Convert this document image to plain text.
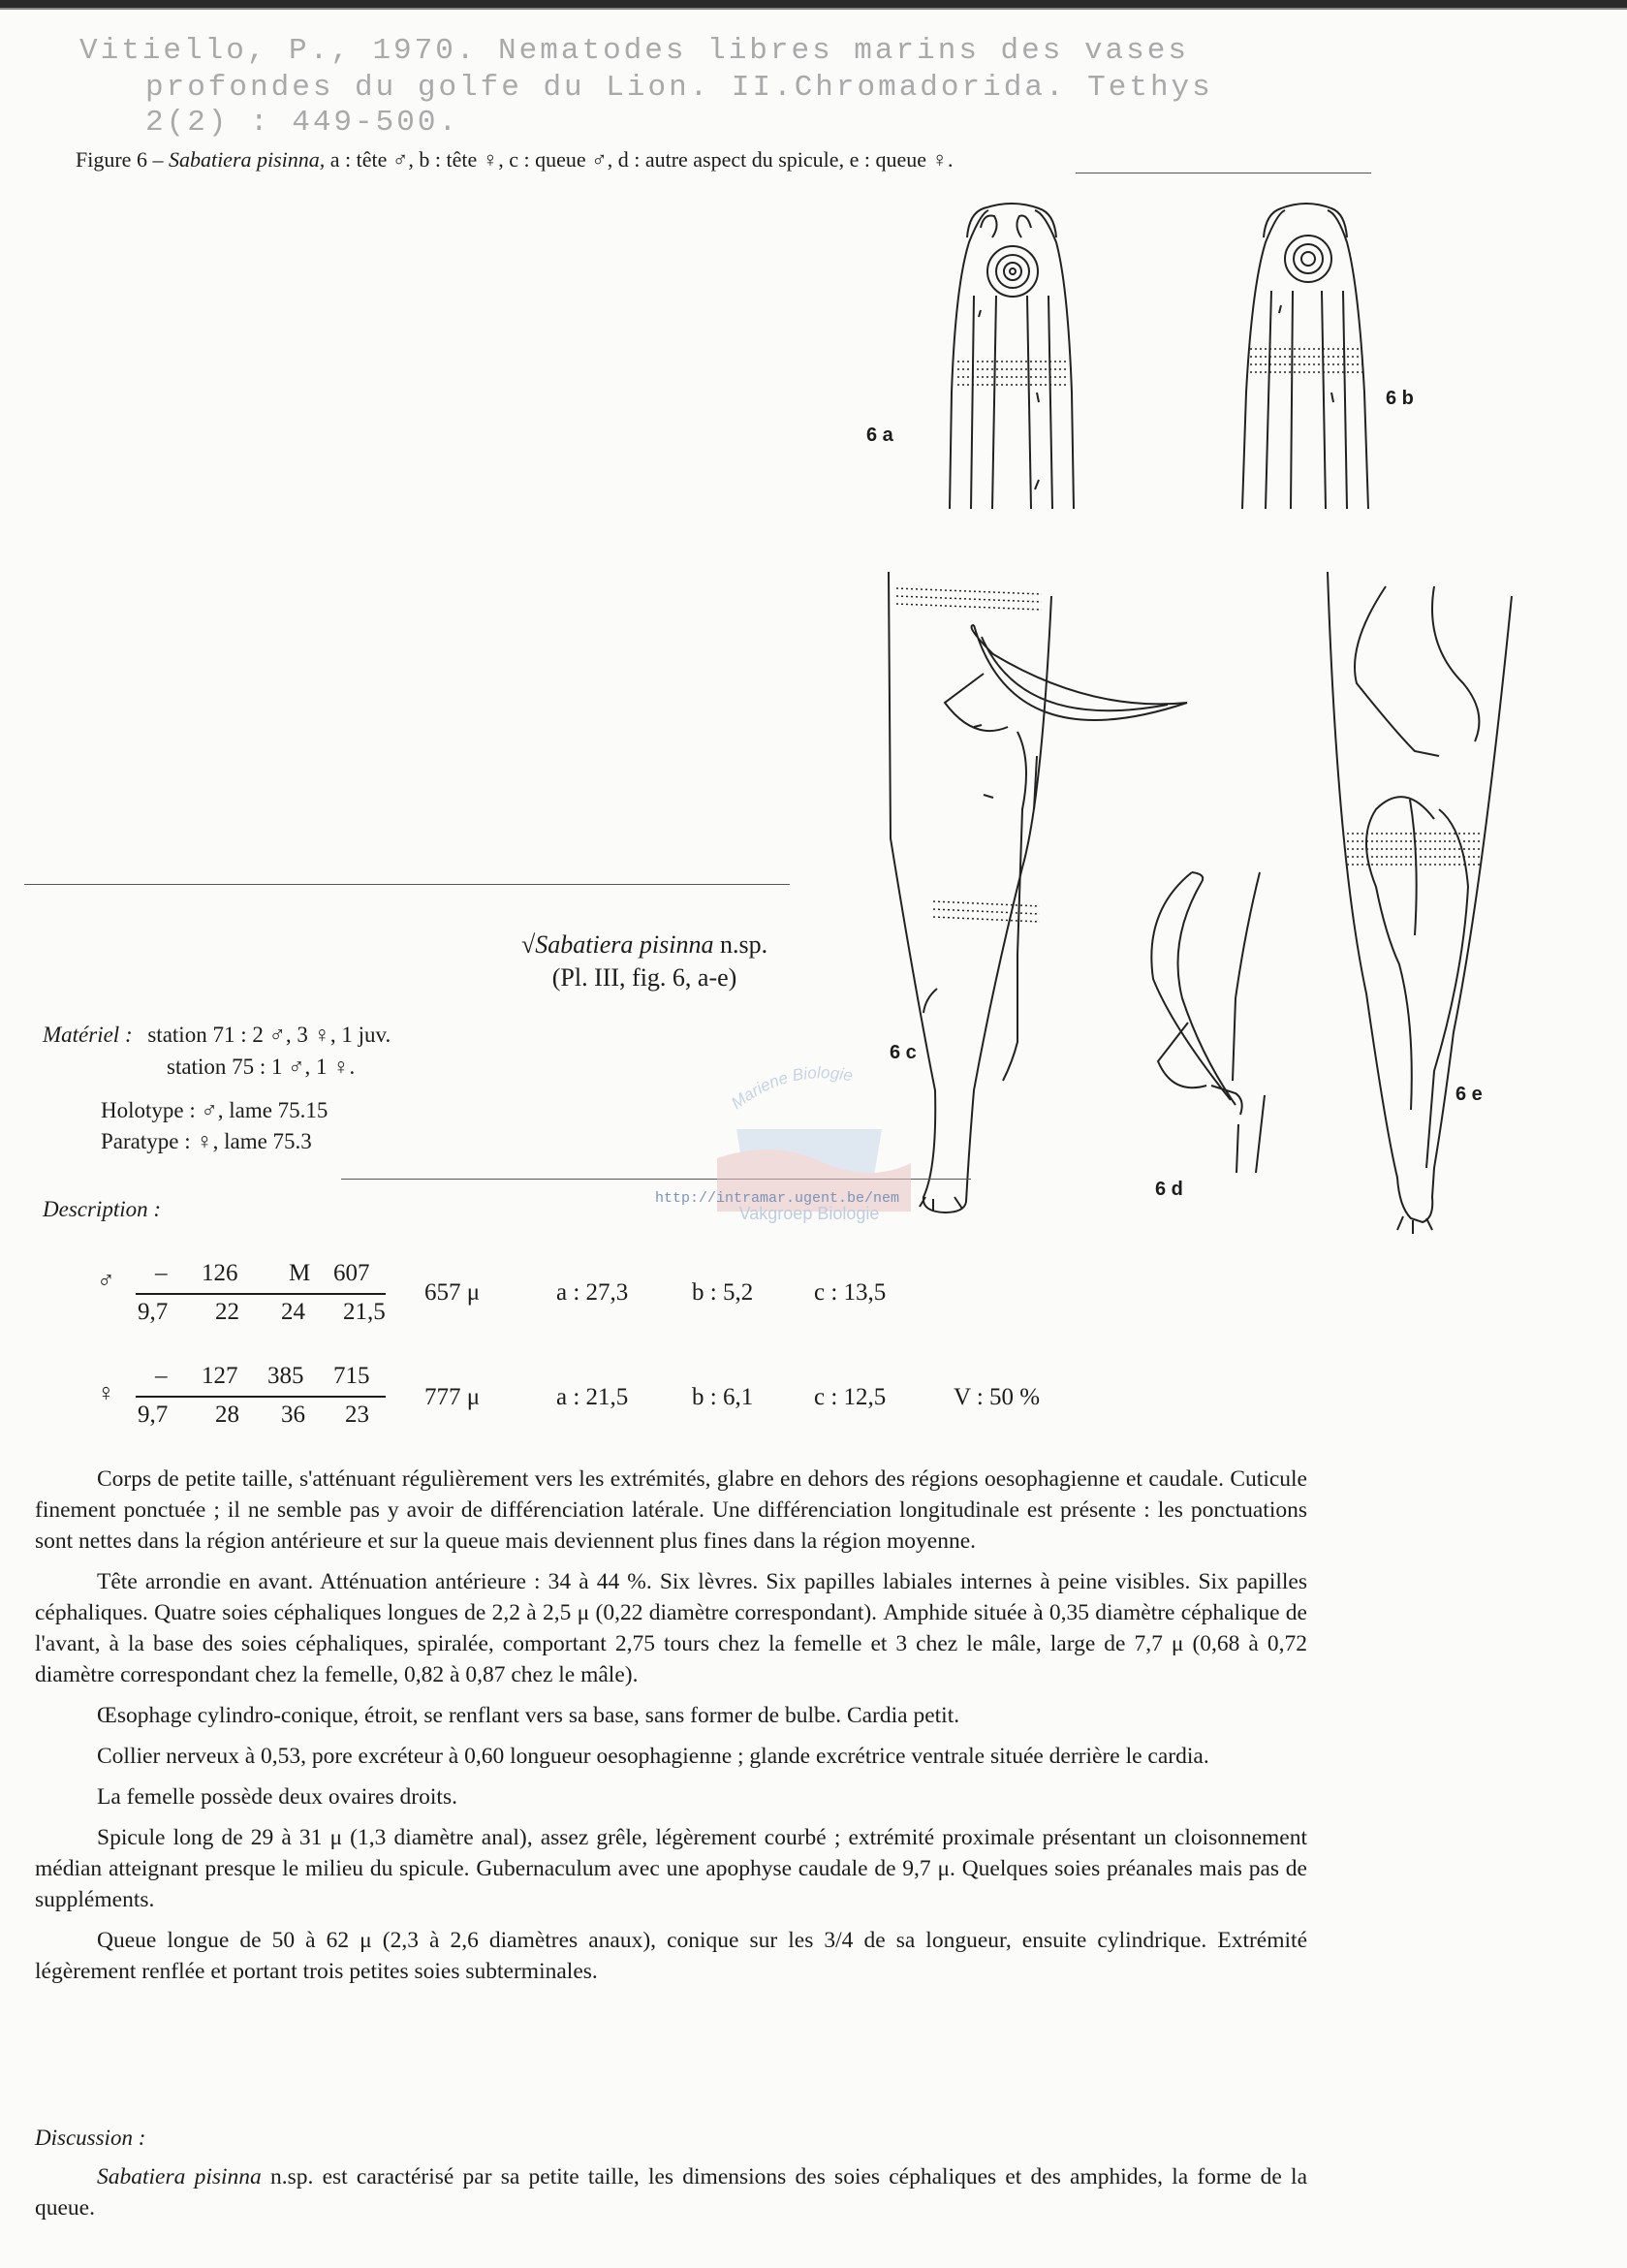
Vitiello, P., 1970. Nematodes libres marins des vases
profondes du golfe du Lion. II.Chromadorida. Tethys
2(2) : 449-500.
Figure 6 – Sabatiera pisinna, a : tête ♂, b : tête ♀, c : queue ♂, d : autre aspect du spicule, e : queue ♀.
6 a
6 b
6 c
6 d
6 e
√Sabatiera pisinna n.sp.
(Pl. III, fig. 6, a-e)
Matériel : station 71 : 2 ♂, 3 ♀, 1 juv.
station 75 : 1 ♂, 1 ♀.
Holotype : ♂, lame 75.15
Paratype : ♀, lame 75.3
Description :
♂ – 126 M 607
9,7 22 24 21,5
657 μ	a : 27,3	b : 5,2	c : 13,5
♀
– 127 385 715
9,7 28 36 23
777 μ	a : 21,5	b : 6,1	c : 12,5	V : 50 %
Mariene Biologie
Vakgroep Biologie
http://intramar.ugent.be/nem

Corps de petite taille, s'atténuant régulièrement vers les extrémités, glabre en dehors des régions oesophagienne et caudale. Cuticule finement ponctuée ; il ne semble pas y avoir de différenciation latérale. Une différenciation longitudinale est présente : les ponctuations sont nettes dans la région antérieure et sur la queue mais deviennent plus fines dans la région moyenne.

Tête arrondie en avant. Atténuation antérieure : 34 à 44 %. Six lèvres. Six papilles labiales internes à peine visibles. Six papilles céphaliques. Quatre soies céphaliques longues de 2,2 à 2,5 μ (0,22 diamètre correspondant). Amphide située à 0,35 diamètre céphalique de l'avant, à la base des soies céphaliques, spiralée, comportant 2,75 tours chez la femelle et 3 chez le mâle, large de 7,7 μ (0,68 à 0,72 diamètre correspondant chez la femelle, 0,82 à 0,87 chez le mâle).

Œsophage cylindro-conique, étroit, se renflant vers sa base, sans former de bulbe. Cardia petit.

Collier nerveux à 0,53, pore excréteur à 0,60 longueur oesophagienne ; glande excrétrice ventrale située derrière le cardia.

La femelle possède deux ovaires droits.

Spicule long de 29 à 31 μ (1,3 diamètre anal), assez grêle, légèrement courbé ; extrémité proximale présentant un cloisonnement médian atteignant presque le milieu du spicule. Gubernaculum avec une apophyse caudale de 9,7 μ. Quelques soies préanales mais pas de suppléments.

Queue longue de 50 à 62 μ (2,3 à 2,6 diamètres anaux), conique sur les 3/4 de sa longueur, ensuite cylindrique. Extrémité légèrement renflée et portant trois petites soies subterminales.

Discussion :

Sabatiera pisinna n.sp. est caractérisé par sa petite taille, les dimensions des soies céphaliques et des amphides, la forme de la queue.
